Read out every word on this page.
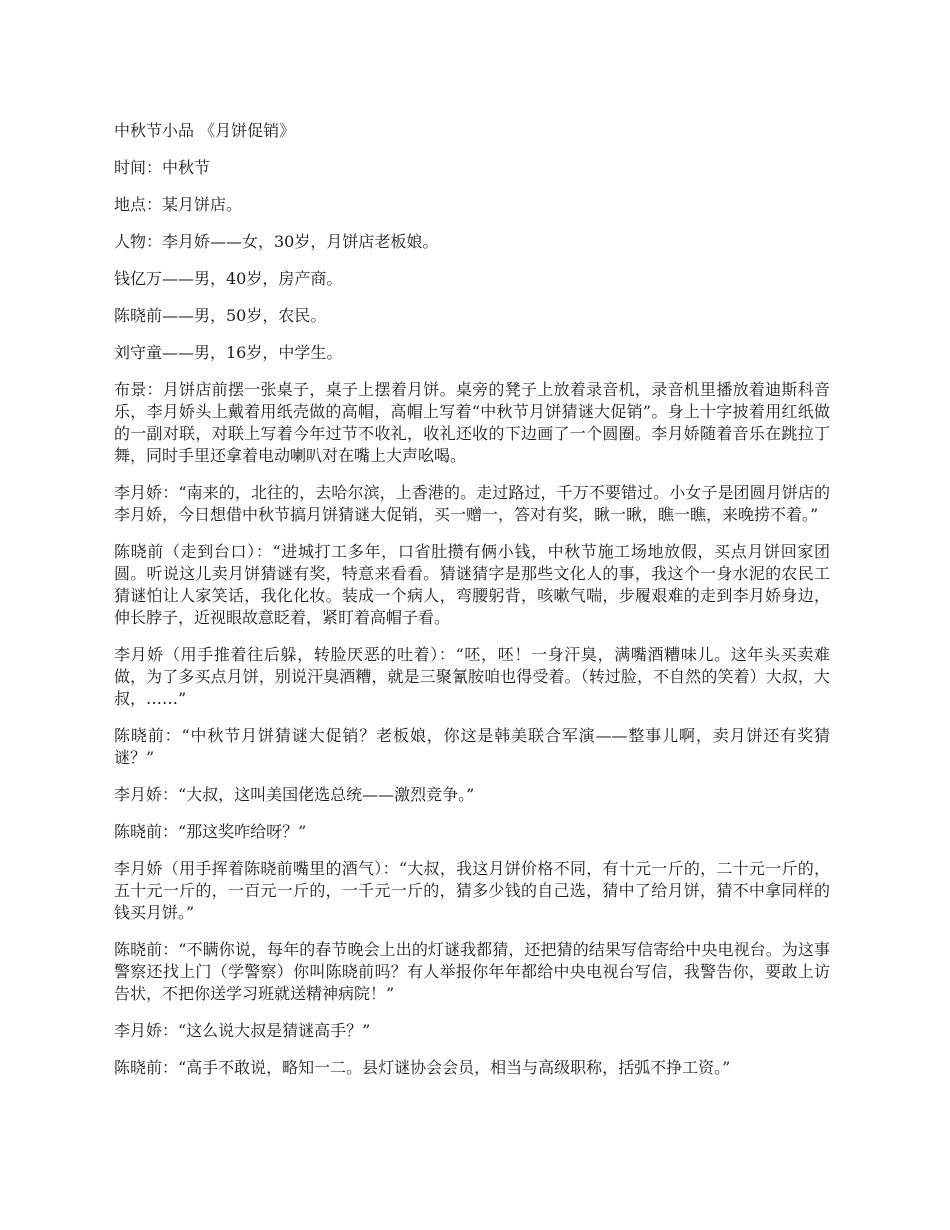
中秋节小品 《月饼促销》

时间：中秋节

地点：某月饼店。

人物：李月娇——女，30岁，月饼店老板娘。

钱亿万——男，40岁，房产商。

陈晓前——男，50岁，农民。

刘守童——男，16岁，中学生。

布景：月饼店前摆一张桌子，桌子上摆着月饼。桌旁的凳子上放着录音机，录音机里播放着迪斯科音乐，李月娇头上戴着用纸壳做的高帽，高帽上写着“中秋节月饼猜谜大促销”。身上十字披着用红纸做的一副对联，对联上写着今年过节不收礼，收礼还收的下边画了一个圆圈。李月娇随着音乐在跳拉丁舞，同时手里还拿着电动喇叭对在嘴上大声吆喝。

李月娇：“南来的，北往的，去哈尔滨，上香港的。走过路过，千万不要错过。小女子是团圆月饼店的李月娇，今日想借中秋节搞月饼猜谜大促销，买一赠一，答对有奖，瞅一瞅，瞧一瞧，来晚捞不着。”

陈晓前（走到台口）：“进城打工多年，口省肚攒有俩小钱，中秋节施工场地放假，买点月饼回家团圆。听说这儿卖月饼猜谜有奖，特意来看看。猜谜猜字是那些文化人的事，我这个一身水泥的农民工猜谜怕让人家笑话，我化化妆。装成一个病人，弯腰躬背，咳嗽气喘，步履艰难的走到李月娇身边，伸长脖子，近视眼故意眨着，紧盯着高帽子看。

李月娇（用手推着往后躲，转脸厌恶的吐着）：“呸，呸！一身汗臭，满嘴酒糟味儿。这年头买卖难做，为了多买点月饼，别说汗臭酒糟，就是三聚氰胺咱也得受着。（转过脸，不自然的笑着）大叔，大叔，……”

陈晓前：“中秋节月饼猜谜大促销？老板娘，你这是韩美联合军演——整事儿啊，卖月饼还有奖猜谜？”

李月娇：“大叔，这叫美国佬选总统——激烈竞争。”

陈晓前：“那这奖咋给呀？”

李月娇（用手挥着陈晓前嘴里的酒气）：“大叔，我这月饼价格不同，有十元一斤的，二十元一斤的，五十元一斤的，一百元一斤的，一千元一斤的，猜多少钱的自己选，猜中了给月饼，猜不中拿同样的钱买月饼。”

陈晓前：“不瞒你说，每年的春节晚会上出的灯谜我都猜，还把猜的结果写信寄给中央电视台。为这事警察还找上门（学警察）你叫陈晓前吗？有人举报你年年都给中央电视台写信，我警告你，要敢上访告状，不把你送学习班就送精神病院！”

李月娇：“这么说大叔是猜谜高手？”

陈晓前：“高手不敢说，略知一二。县灯谜协会会员，相当与高级职称，括弧不挣工资。”
